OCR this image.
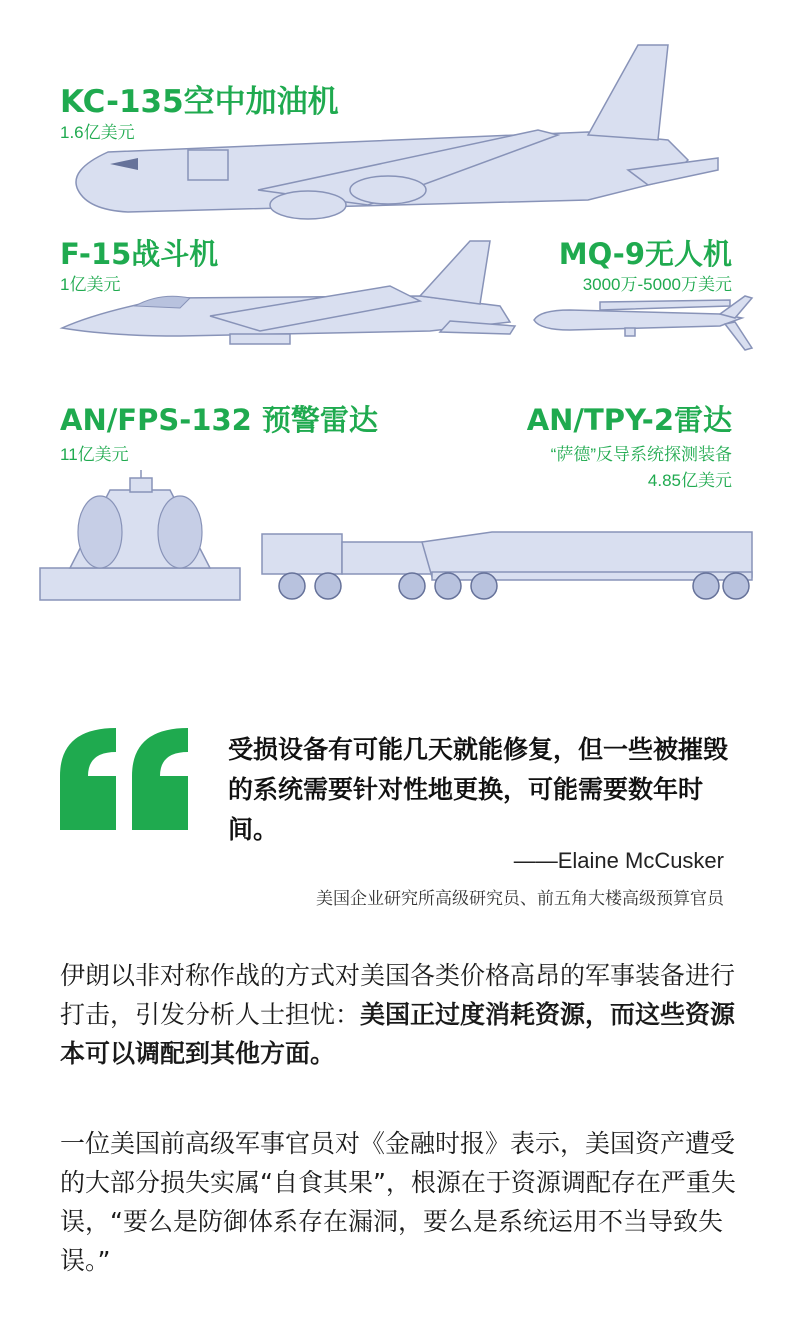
KC-135空中加油机
1.6亿美元
F-15战斗机
1亿美元
MQ-9无人机
3000万-5000万美元
AN/FPS-132 预警雷达
11亿美元
AN/TPY-2雷达
“萨德”反导系统探测装备
4.85亿美元
受损设备有可能几天就能修复，但一些被摧毁的系统需要针对性地更换，可能需要数年时间。
——Elaine McCusker
美国企业研究所高级研究员、前五角大楼高级预算官员
伊朗以非对称作战的方式对美国各类价格高昂的军事装备进行打击，引发分析人士担忧：美国正过度消耗资源，而这些资源本可以调配到其他方面。
一位美国前高级军事官员对《金融时报》表示，美国资产遭受的大部分损失实属“自食其果”，根源在于资源调配存在严重失误，“要么是防御体系存在漏洞，要么是系统运用不当导致失误。”
